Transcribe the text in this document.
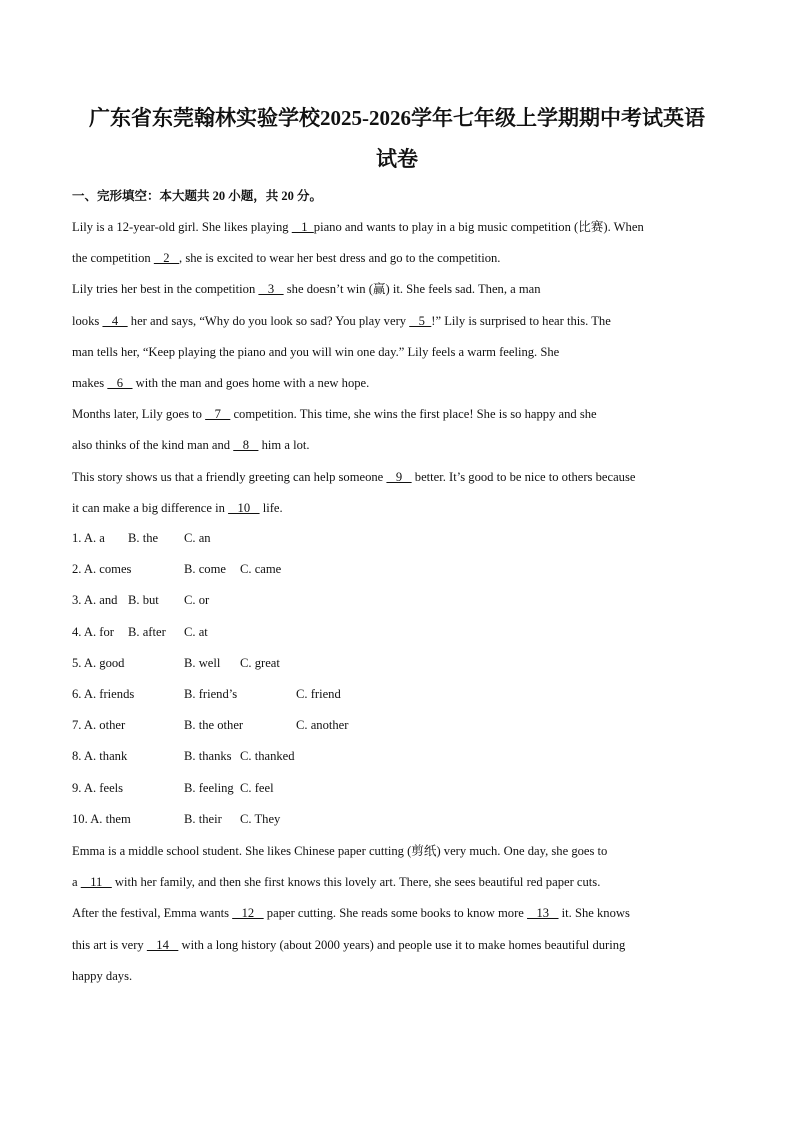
广东省东莞翰林实验学校2025-2026学年七年级上学期期中考试英语
试卷
一、完形填空：本大题共 20 小题，共 20 分。
Lily is a 12-year-old girl. She likes playing    1  piano and wants to play in a big music competition (比赛). When
the competition    2   , she is excited to wear her best dress and go to the competition.
Lily tries her best in the competition    3    she doesn’t win (赢) it. She feels sad. Then, a man
looks    4    her and says, “Why do you look so sad? You play very    5  !” Lily is surprised to hear this. The
man tells her, “Keep playing the piano and you will win one day.” Lily feels a warm feeling. She
makes    6    with the man and goes home with a new hope.
Months later, Lily goes to    7    competition. This time, she wins the first place! She is so happy and she
also thinks of the kind man and    8    him a lot.
This story shows us that a friendly greeting can help someone    9    better. It’s good to be nice to others because
it can make a big difference in    10    life.
1. A. a B. the C. an
2. A. comes	B. come C. came
3. A. and B. but C. or
4. A. for B. after C. at
5. A. good	B. well C. great
6. A. friends	B. friend’s	C. friend
7. A. other	B. the other	C. another
8. A. thank	B. thanks C. thanked
9. A. feels	B. feeling C. feel
10. A. them	B. their C. They
Emma is a middle school student. She likes Chinese paper cutting (剪纸) very much. One day, she goes to
a    11    with her family, and then she first knows this lovely art. There, she sees beautiful red paper cuts.
After the festival, Emma wants    12    paper cutting. She reads some books to know more    13    it. She knows
this art is very    14    with a long history (about 2000 years) and people use it to make homes beautiful during
happy days.
